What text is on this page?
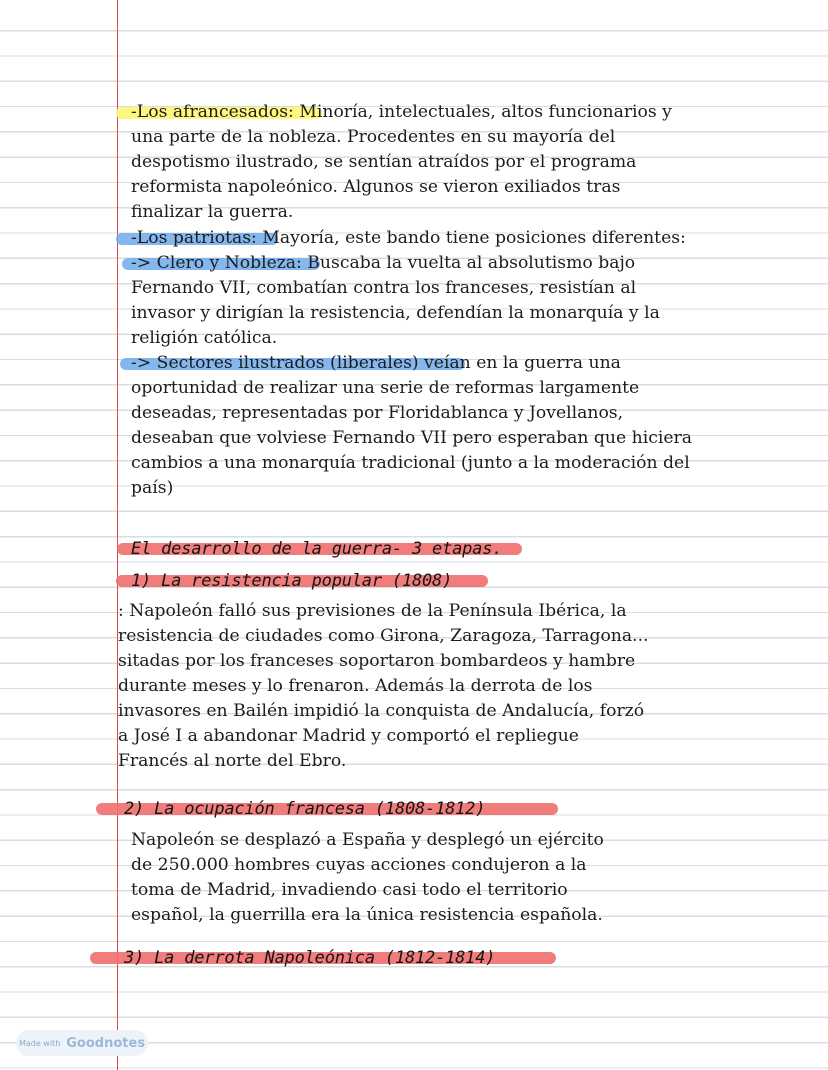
-Los afrancesados: Minoría, intelectuales, altos funcionarios y
una parte de la nobleza. Procedentes en su mayoría del
despotismo ilustrado, se sentían atraídos por el programa
reformista napoleónico. Algunos se vieron exiliados tras
finalizar la guerra.
-Los patriotas: Mayoría, este bando tiene posiciones diferentes:
-> Clero y Nobleza: Buscaba la vuelta al absolutismo bajo
Fernando VII, combatían contra los franceses, resistían al
invasor y dirigían la resistencia, defendían la monarquía y la
religión católica.
-> Sectores ilustrados (liberales) veían en la guerra una
oportunidad de realizar una serie de reformas largamente
deseadas, representadas por Floridablanca y Jovellanos,
deseaban que volviese Fernando VII pero esperaban que hiciera
cambios a una monarquía tradicional (junto a la moderación del
país)
El desarrollo de la guerra- 3 etapas.
1) La resistencia popular (1808)
: Napoleón falló sus previsiones de la Península Ibérica, la
resistencia de ciudades como Girona, Zaragoza, Tarragona...
sitadas por los franceses soportaron bombardeos y hambre
durante meses y lo frenaron. Además la derrota de los
invasores en Bailén impidió la conquista de Andalucía, forzó
a José I a abandonar Madrid y comportó el repliegue
Francés al norte del Ebro.
2) La ocupación francesa (1808-1812)
Napoleón se desplazó a España y desplegó un ejército
de 250.000 hombres cuyas acciones condujeron a la
toma de Madrid, invadiendo casi todo el territorio
español, la guerrilla era la única resistencia española.
3) La derrota Napoleónica (1812-1814)
Made with Goodnotes
